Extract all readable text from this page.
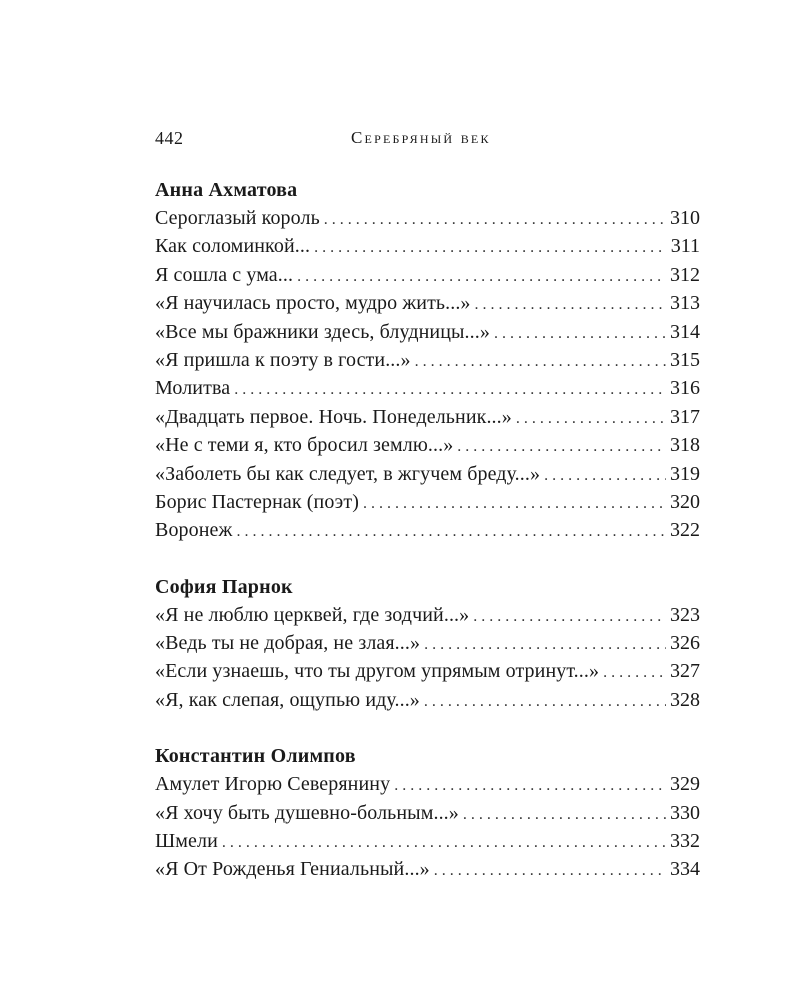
442	Серебряный век
Анна Ахматова
Сероглазый король . . .	310
Как соломинкой... . . .	311
Я сошла с ума... . . .	312
«Я научилась просто, мудро жить...» . . .	313
«Все мы бражники здесь, блудницы...» . . .	314
«Я пришла к поэту в гости...» . . .	315
Молитва . . .	316
«Двадцать первое. Ночь. Понедельник...» . . .	317
«Не с теми я, кто бросил землю...» . . .	318
«Заболеть бы как следует, в жгучем бреду...» . . .	319
Борис Пастернак (поэт) . . .	320
Воронеж . . .	322
София Парнок
«Я не люблю церквей, где зодчий...» . . .	323
«Ведь ты не добрая, не злая...» . . .	326
«Если узнаешь, что ты другом упрямым отринут...» . . .	327
«Я, как слепая, ощупью иду...» . . .	328
Константин Олимпов
Амулет Игорю Северянину . . .	329
«Я хочу быть душевно-больным...» . . .	330
Шмели . . .	332
«Я От Рожденья Гениальный...» . . .	334
